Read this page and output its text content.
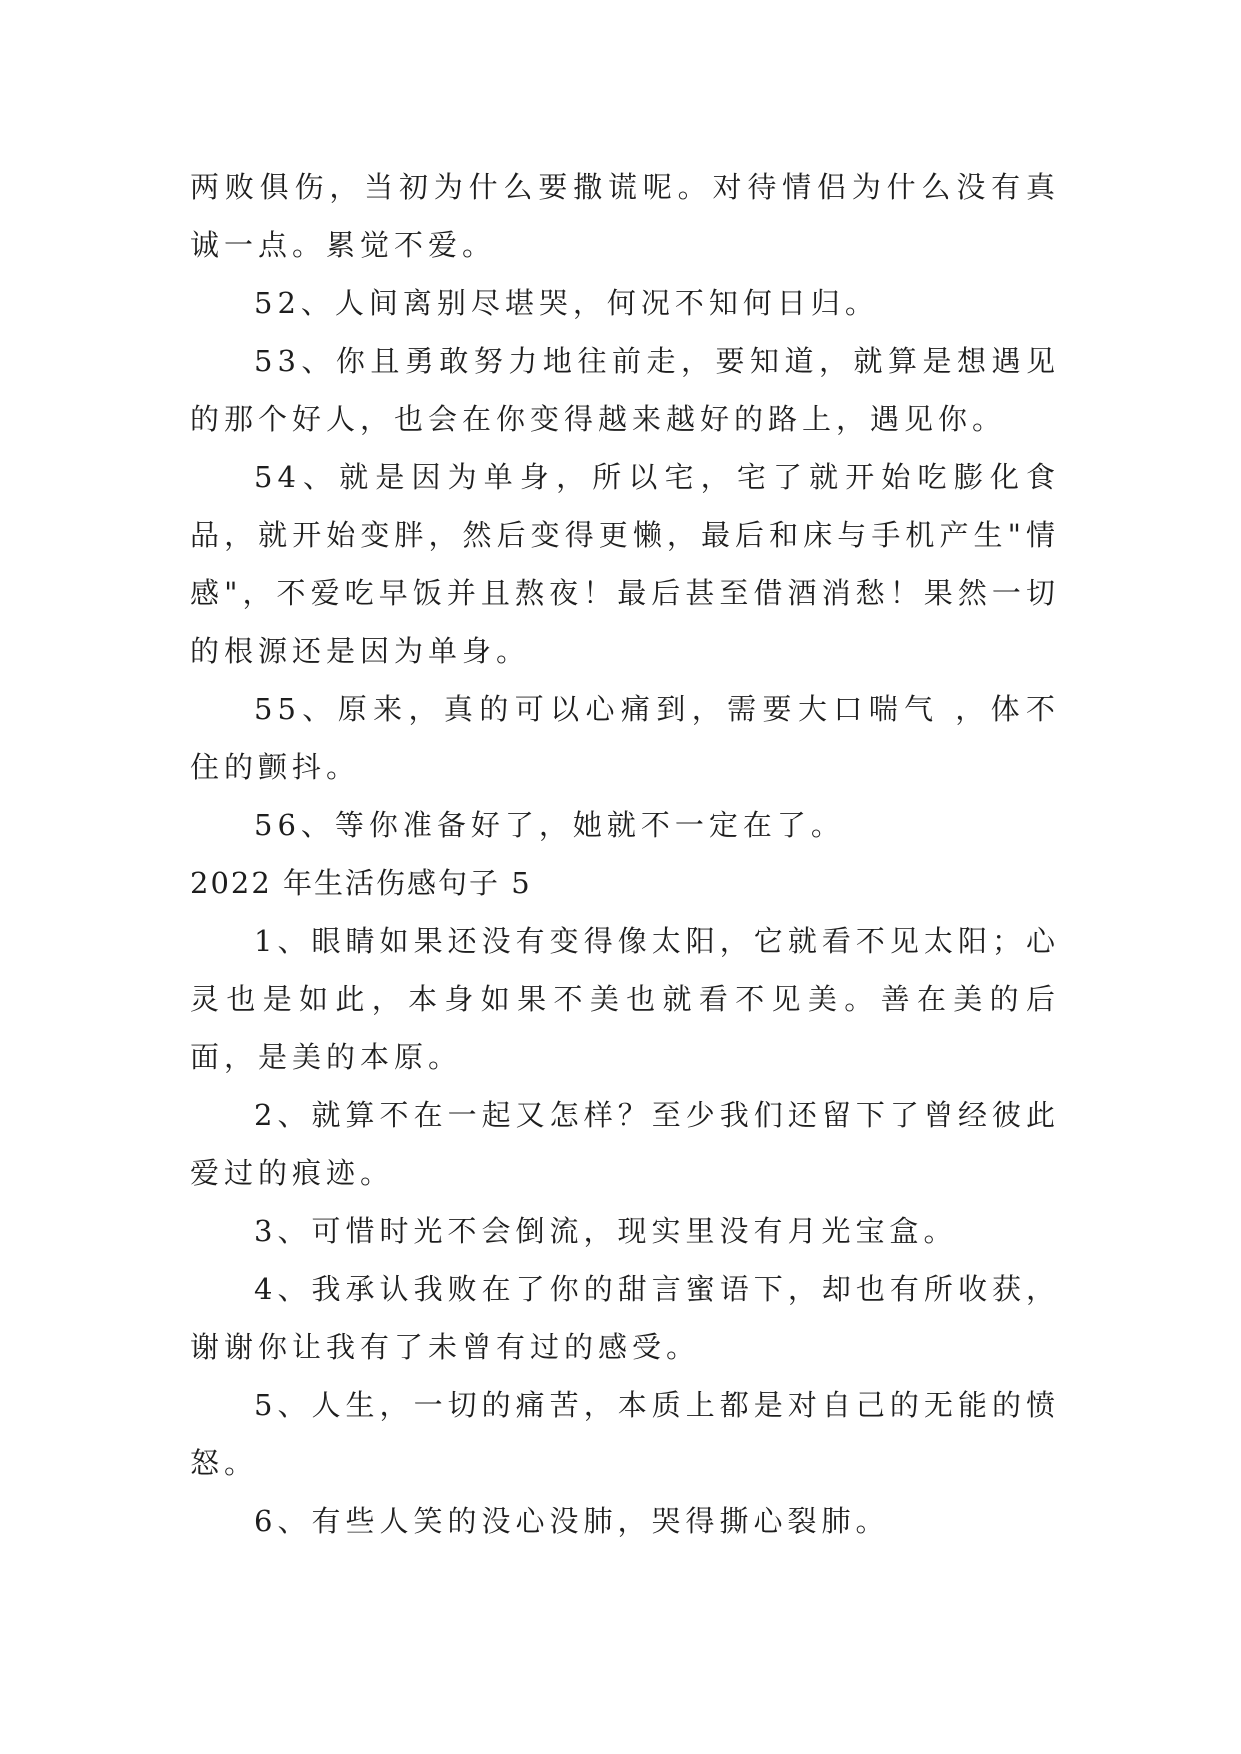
两败俱伤，当初为什么要撒谎呢。对待情侣为什么没有真诚一点。累觉不爱。

52、人间离别尽堪哭，何况不知何日归。

53、你且勇敢努力地往前走，要知道，就算是想遇见的那个好人，也会在你变得越来越好的路上，遇见你。

54、就是因为单身，所以宅，宅了就开始吃膨化食品，就开始变胖，然后变得更懒，最后和床与手机产生"情感"，不爱吃早饭并且熬夜！最后甚至借酒消愁！果然一切的根源还是因为单身。

55、原来，真的可以心痛到，需要大口喘气 ，体不住的颤抖。

56、等你准备好了，她就不一定在了。

2022 年生活伤感句子 5

1、眼睛如果还没有变得像太阳，它就看不见太阳；心灵也是如此，本身如果不美也就看不见美。善在美的后面，是美的本原。

2、就算不在一起又怎样？至少我们还留下了曾经彼此爱过的痕迹。

3、可惜时光不会倒流，现实里没有月光宝盒。

4、我承认我败在了你的甜言蜜语下，却也有所收获，谢谢你让我有了未曾有过的感受。

5、人生，一切的痛苦，本质上都是对自己的无能的愤怒。

6、有些人笑的没心没肺，哭得撕心裂肺。
